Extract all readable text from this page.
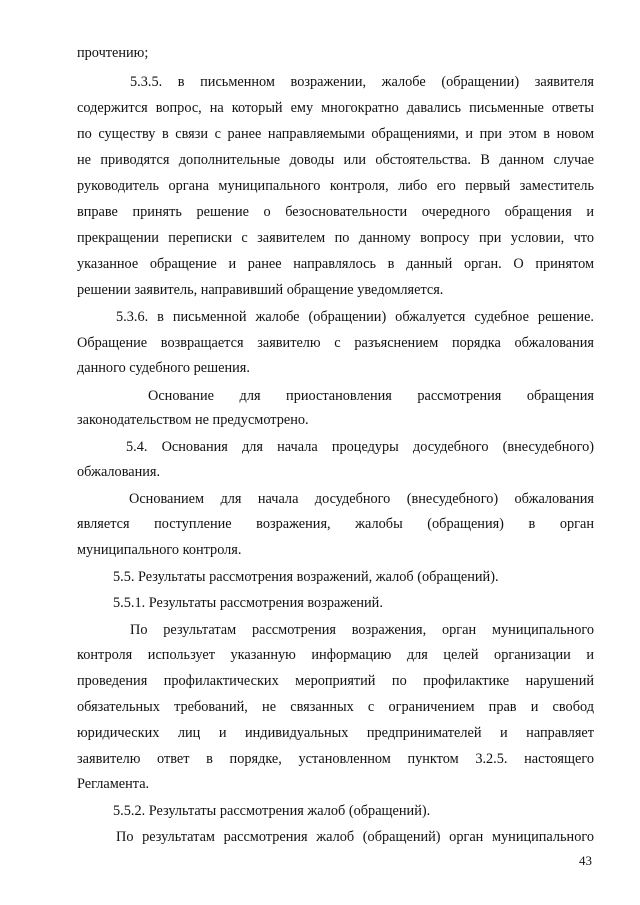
прочтению;
5.3.5. в письменном возражении, жалобе (обращении) заявителя
содержится вопрос, на который ему многократно давались письменные ответы
по существу в связи с ранее направляемыми обращениями, и при этом в новом
не приводятся дополнительные доводы или обстоятельства. В данном случае
руководитель органа муниципального контроля, либо его первый заместитель
вправе принять решение о безосновательности очередного обращения и
прекращении переписки с заявителем по данному вопросу при условии, что
указанное обращение и ранее направлялось в данный орган. О принятом
решении заявитель, направивший обращение уведомляется.
5.3.6. в письменной жалобе (обращении) обжалуется судебное решение.
Обращение возвращается заявителю с разъяснением порядка обжалования
данного судебного решения.
Основание для приостановления рассмотрения обращения
законодательством не предусмотрено.
5.4. Основания для начала процедуры досудебного (внесудебного)
обжалования.
Основанием для начала досудебного (внесудебного) обжалования
является поступление возражения, жалобы (обращения) в орган
муниципального контроля.
5.5. Результаты рассмотрения возражений, жалоб (обращений).
5.5.1. Результаты рассмотрения возражений.
По результатам рассмотрения возражения, орган муниципального
контроля использует указанную информацию для целей организации и
проведения профилактических мероприятий по профилактике нарушений
обязательных требований, не связанных с ограничением прав и свобод
юридических лиц и индивидуальных предпринимателей и направляет
заявителю ответ в порядке, установленном пунктом 3.2.5. настоящего
Регламента.
5.5.2. Результаты рассмотрения жалоб (обращений).
По результатам рассмотрения жалоб (обращений) орган муниципального
43
